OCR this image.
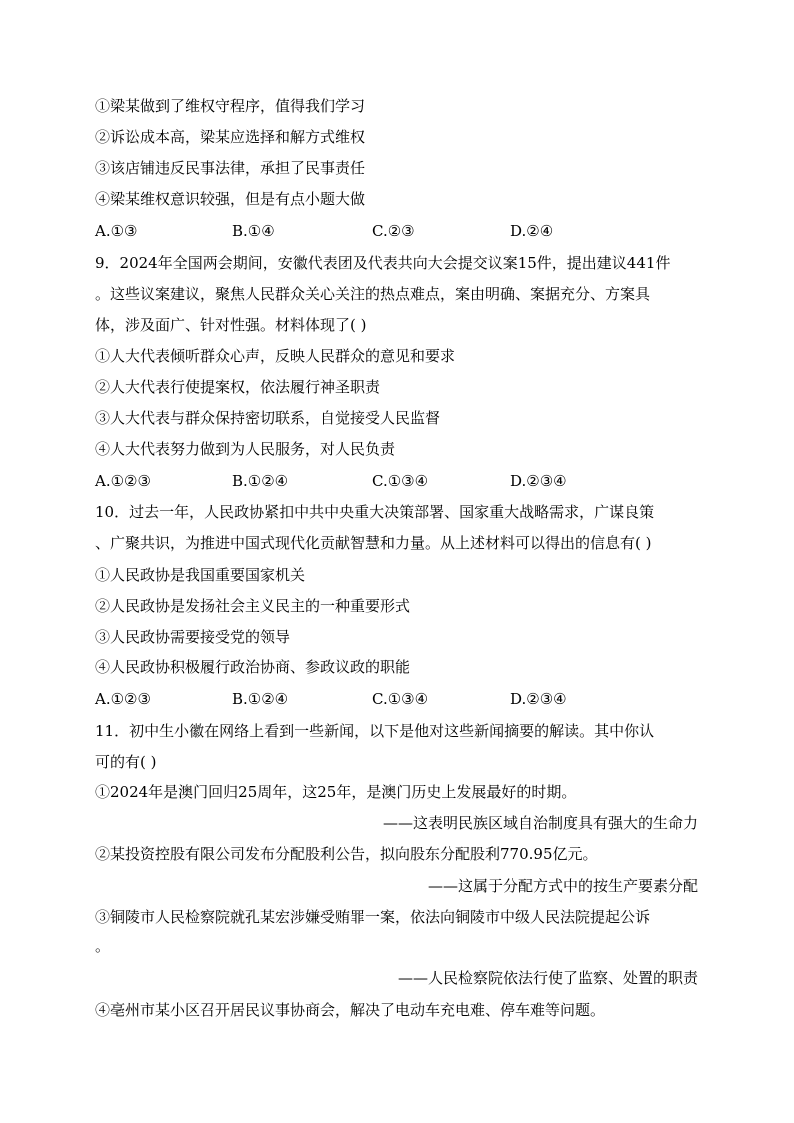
①梁某做到了维权守程序，值得我们学习
②诉讼成本高，梁某应选择和解方式维权
③该店铺违反民事法律，承担了民事责任
④梁某维权意识较强，但是有点小题大做
A.①③	B.①④	C.②③	D.②④
9．2024年全国两会期间，安徽代表团及代表共向大会提交议案15件，提出建议441件
。这些议案建议，聚焦人民群众关心关注的热点难点，案由明确、案据充分、方案具
体，涉及面广、针对性强。材料体现了( )
①人大代表倾听群众心声，反映人民群众的意见和要求
②人大代表行使提案权，依法履行神圣职责
③人大代表与群众保持密切联系，自觉接受人民监督
④人大代表努力做到为人民服务，对人民负责
A.①②③	B.①②④	C.①③④	D.②③④
10．过去一年，人民政协紧扣中共中央重大决策部署、国家重大战略需求，广谋良策
、广聚共识，为推进中国式现代化贡献智慧和力量。从上述材料可以得出的信息有( )
①人民政协是我国重要国家机关
②人民政协是发扬社会主义民主的一种重要形式
③人民政协需要接受党的领导
④人民政协积极履行政治协商、参政议政的职能
A.①②③	B.①②④	C.①③④	D.②③④
11．初中生小徽在网络上看到一些新闻，以下是他对这些新闻摘要的解读。其中你认
可的有( )
①2024年是澳门回归25周年，这25年，是澳门历史上发展最好的时期。
——这表明民族区域自治制度具有强大的生命力
②某投资控股有限公司发布分配股利公告，拟向股东分配股利770.95亿元。
——这属于分配方式中的按生产要素分配
③铜陵市人民检察院就孔某宏涉嫌受贿罪一案，依法向铜陵市中级人民法院提起公诉
。
——人民检察院依法行使了监察、处置的职责
④亳州市某小区召开居民议事协商会，解决了电动车充电难、停车难等问题。
